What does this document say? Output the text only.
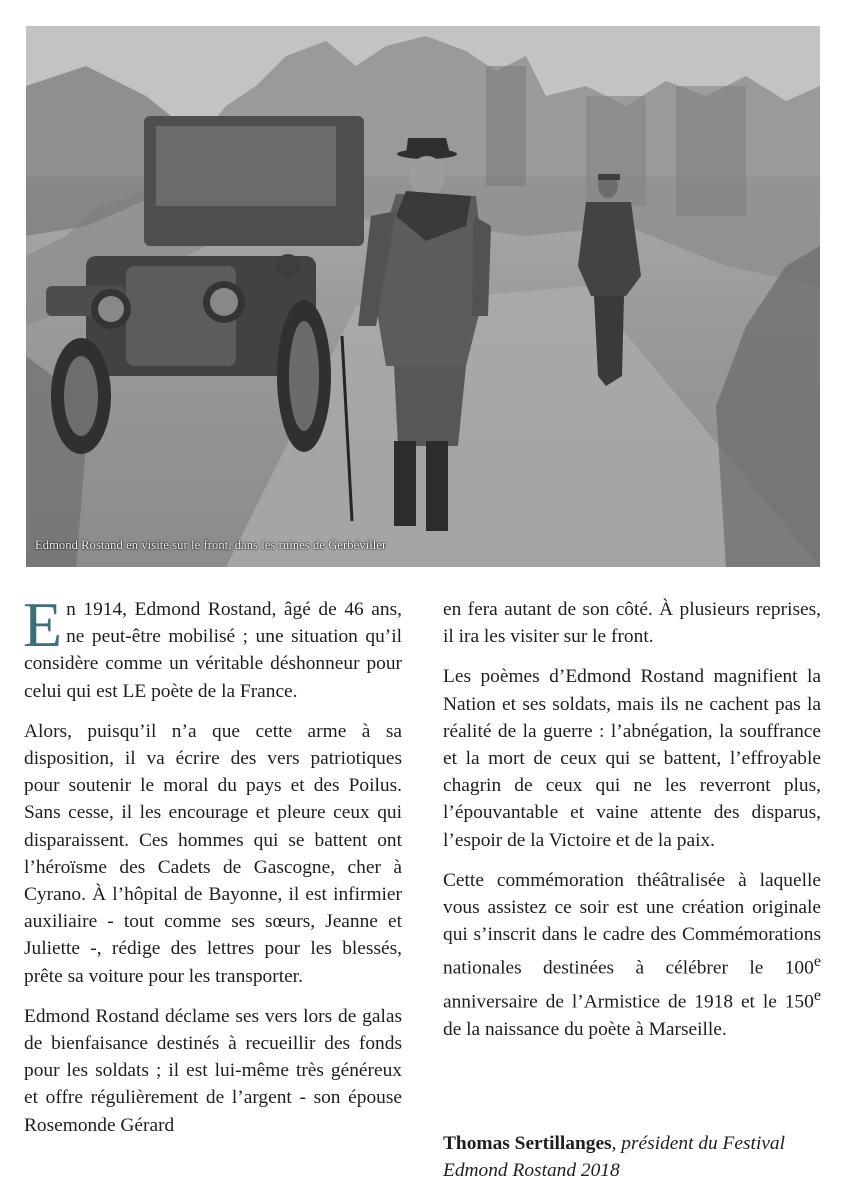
Edmond Rostand en visite sur le front, dans les ruines de Gerbéviller

En 1914, Edmond Rostand, âgé de 46 ans, ne peut-être mobilisé ; une situation qu’il considère comme un véritable déshonneur pour celui qui est LE poète de la France.

Alors, puisqu’il n’a que cette arme à sa disposition, il va écrire des vers patriotiques pour soutenir le moral du pays et des Poilus. Sans cesse, il les encourage et pleure ceux qui disparaissent. Ces hommes qui se battent ont l’héroïsme des Cadets de Gascogne, cher à Cyrano. À l’hôpital de Bayonne, il est infirmier auxiliaire - tout comme ses sœurs, Jeanne et Juliette -, rédige des lettres pour les blessés, prête sa voiture pour les transporter.

Edmond Rostand déclame ses vers lors de galas de bienfaisance destinés à recueillir des fonds pour les soldats ; il est lui-même très généreux et offre régulièrement de l’argent - son épouse Rosemonde Gérard

en fera autant de son côté. À plusieurs reprises, il ira les visiter sur le front.

Les poèmes d’Edmond Rostand magnifient la Nation et ses soldats, mais ils ne cachent pas la réalité de la guerre : l’abnégation, la souffrance et la mort de ceux qui se battent, l’effroyable chagrin de ceux qui ne les reverront plus, l’épouvantable et vaine attente des disparus, l’espoir de la Victoire et de la paix.

Cette commémoration théâtralisée à laquelle vous assistez ce soir est une création originale qui s’inscrit dans le cadre des Commémorations nationales destinées à célébrer le 100e anniversaire de l’Armistice de 1918 et le 150e de la naissance du poète à Marseille.

Thomas Sertillanges, président du Festival Edmond Rostand 2018
